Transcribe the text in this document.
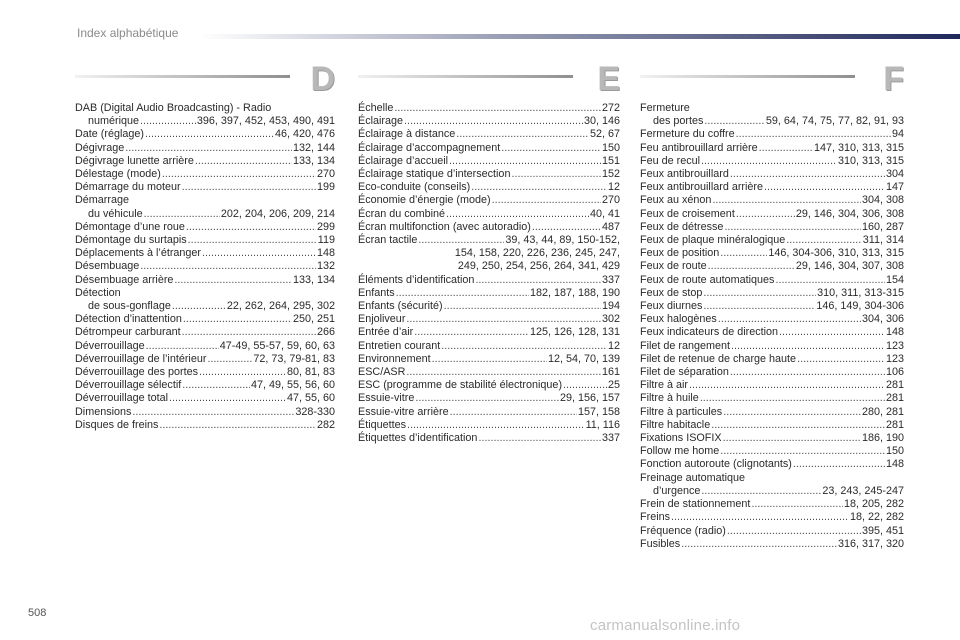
Index alphabétique
D
DAB (Digital Audio Broadcasting) - Radio
numérique .....	396, 397, 452, 453, 490, 491
Date (réglage) .....	46, 420, 476
Dégivrage .....	132, 144
Dégivrage lunette arrière .....	133, 134
Délestage (mode) .....	270
Démarrage du moteur .....	199
Démarrage
du véhicule .....	202, 204, 206, 209, 214
Démontage d’une roue .....	299
Démontage du surtapis .....	119
Déplacements à l’étranger .....	148
Désembuage .....	132
Désembuage arrière .....	133, 134
Détection
de sous-gonflage .....	22, 262, 264, 295, 302
Détection d’inattention .....	250, 251
Détrompeur carburant .....	266
Déverrouillage .....	47-49, 55-57, 59, 60, 63
Déverrouillage de l’intérieur .....	72, 73, 79-81, 83
Déverrouillage des portes .....	80, 81, 83
Déverrouillage sélectif .....	47, 49, 55, 56, 60
Déverrouillage total .....	47, 55, 60
Dimensions .....	328-330
Disques de freins .....	282
E
Échelle .....	272
Éclairage .....	30, 146
Éclairage à distance .....	52, 67
Éclairage d’accompagnement .....	150
Éclairage d’accueil .....	151
Éclairage statique d’intersection .....	152
Eco-conduite (conseils) .....	12
Économie d’énergie (mode) .....	270
Écran du combiné .....	40, 41
Écran multifonction (avec autoradio) .....	487
Écran tactile .....	39, 43, 44, 89, 150-152,
154, 158, 220, 226, 236, 245, 247,
249, 250, 254, 256, 264, 341, 429
Éléments d’identification .....	337
Enfants .....	182, 187, 188, 190
Enfants (sécurité) .....	194
Enjoliveur .....	302
Entrée d’air .....	125, 126, 128, 131
Entretien courant .....	12
Environnement .....	12, 54, 70, 139
ESC/ASR .....	161
ESC (programme de stabilité électronique) .....	25
Essuie-vitre .....	29, 156, 157
Essuie-vitre arrière .....	157, 158
Étiquettes .....	11, 116
Étiquettes d’identification .....	337
F
Fermeture
des portes .....	59, 64, 74, 75, 77, 82, 91, 93
Fermeture du coffre .....	94
Feu antibrouillard arrière .....	147, 310, 313, 315
Feu de recul .....	310, 313, 315
Feux antibrouillard .....	304
Feux antibrouillard arrière .....	147
Feux au xénon .....	304, 308
Feux de croisement .....	29, 146, 304, 306, 308
Feux de détresse .....	160, 287
Feux de plaque minéralogique .....	311, 314
Feux de position .....	146, 304-306, 310, 313, 315
Feux de route .....	29, 146, 304, 307, 308
Feux de route automatiques .....	154
Feux de stop .....	310, 311, 313-315
Feux diurnes .....	146, 149, 304-306
Feux halogènes .....	304, 306
Feux indicateurs de direction .....	148
Filet de rangement .....	123
Filet de retenue de charge haute .....	123
Filet de séparation .....	106
Filtre à air .....	281
Filtre à huile .....	281
Filtre à particules .....	280, 281
Filtre habitacle .....	281
Fixations ISOFIX .....	186, 190
Follow me home .....	150
Fonction autoroute (clignotants) .....	148
Freinage automatique
d’urgence .....	23, 243, 245-247
Frein de stationnement .....	18, 205, 282
Freins .....	18, 22, 282
Fréquence (radio) .....	395, 451
Fusibles .....	316, 317, 320
508
carmanualsonline.info
